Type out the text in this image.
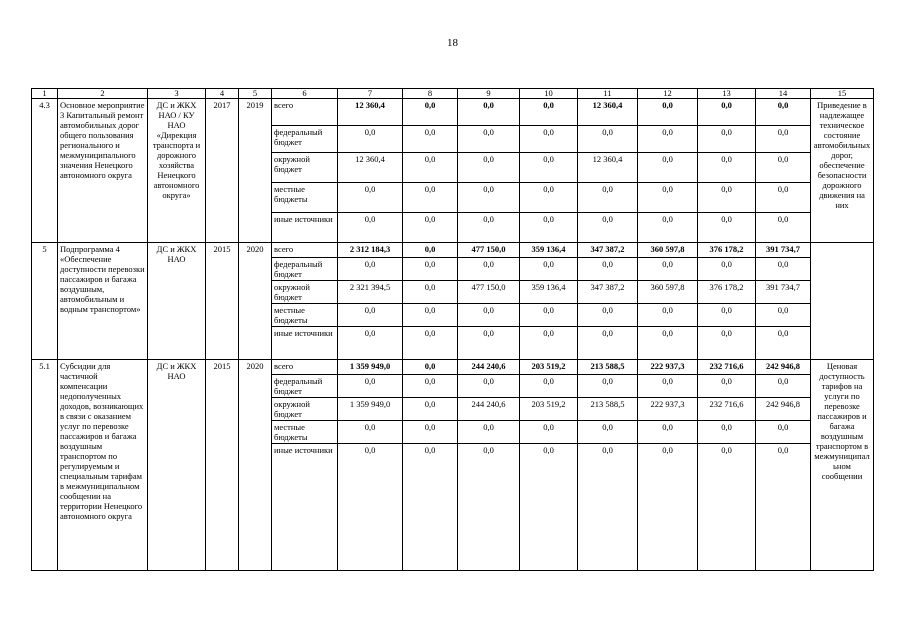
18
1	2	3	4	5	6	7	8	9	10	11	12	13	14	15
4.3	Основное мероприятие 3 Капитальный ремонт автомобильных дорог общего пользования регионального и межмуниципального значения Ненецкого автономного округа	ДС и ЖКХ НАО / КУ НАО «Дирекция транспорта и дорожного хозяйства Ненецкого автономного округа»	2017	2019	всего	12 360,4	0,0	0,0	0,0	12 360,4	0,0	0,0	0,0	Приведение в надлежащее техническое состояние автомобильных дорог, обеспечение безопасности дорожного движения на них
					федеральный бюджет	0,0	0,0	0,0	0,0	0,0	0,0	0,0	0,0	
					окружной бюджет	12 360,4	0,0	0,0	0,0	12 360,4	0,0	0,0	0,0	
					местные бюджеты	0,0	0,0	0,0	0,0	0,0	0,0	0,0	0,0	
					иные источники	0,0	0,0	0,0	0,0	0,0	0,0	0,0	0,0	
5	Подпрограмма 4 «Обеспечение доступности перевозки пассажиров и багажа воздушным, автомобильным и водным транспортом»	ДС и ЖКХ НАО	2015	2020	всего	2 312 184,3	0,0	477 150,0	359 136,4	347 387,2	360 597,8	376 178,2	391 734,7	
					федеральный бюджет	0,0	0,0	0,0	0,0	0,0	0,0	0,0	0,0	
					окружной бюджет	2 321 394,5	0,0	477 150,0	359 136,4	347 387,2	360 597,8	376 178,2	391 734,7	
					местные бюджеты	0,0	0,0	0,0	0,0	0,0	0,0	0,0	0,0	
					иные источники	0,0	0,0	0,0	0,0	0,0	0,0	0,0	0,0	
5.1	Субсидии для частичной компенсации недополученных доходов, возникающих в связи с оказанием услуг по перевозке пассажиров и багажа воздушным транспортом по регулируемым и специальным тарифам в межмуниципальном сообщении на территории Ненецкого автономного округа	ДС и ЖКХ НАО	2015	2020	всего	1 359 949,0	0,0	244 240,6	203 519,2	213 588,5	222 937,3	232 716,6	242 946,8	Ценовая доступность тарифов на услуги по перевозке пассажиров и багажа воздушным транспортом в межмуниципальном сообщении
					федеральный бюджет	0,0	0,0	0,0	0,0	0,0	0,0	0,0	0,0	
					окружной бюджет	1 359 949,0	0,0	244 240,6	203 519,2	213 588,5	222 937,3	232 716,6	242 946,8	
					местные бюджеты	0,0	0,0	0,0	0,0	0,0	0,0	0,0	0,0	
					иные источники	0,0	0,0	0,0	0,0	0,0	0,0	0,0	0,0	
